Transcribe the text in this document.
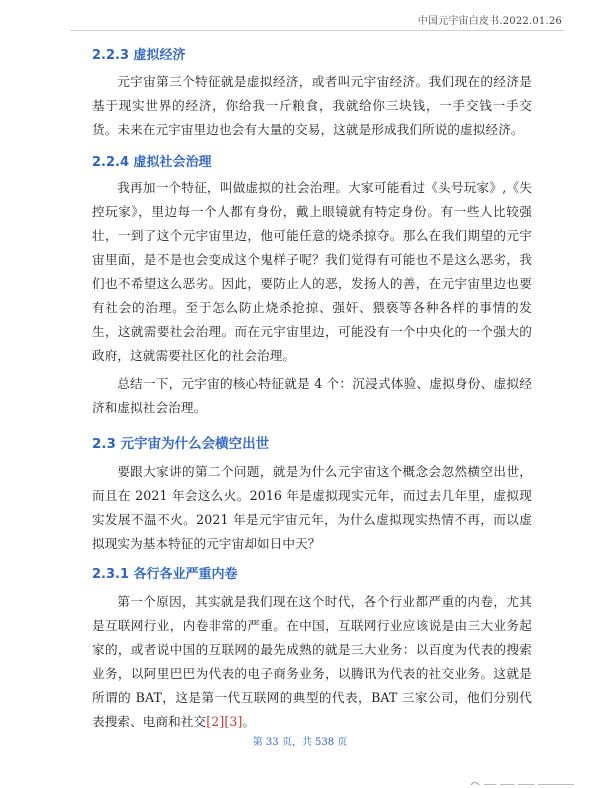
中国元宇宙白皮书.2022.01.26
2.2.3 虚拟经济

元宇宙第三个特征就是虚拟经济，或者叫元宇宙经济。我们现在的经济是基于现实世界的经济，你给我一斤粮食，我就给你三块钱，一手交钱一手交货。未来在元宇宙里边也会有大量的交易，这就是形成我们所说的虚拟经济。

2.2.4 虚拟社会治理

我再加一个特征，叫做虚拟的社会治理。大家可能看过《头号玩家》,《失控玩家》，里边每一个人都有身份，戴上眼镜就有特定身份。有一些人比较强壮，一到了这个元宇宙里边，他可能任意的烧杀掠夺。那么在我们期望的元宇宙里面，是不是也会变成这个鬼样子呢？我们觉得有可能也不是这么恶劣，我们也不希望这么恶劣。因此，要防止人的恶，发扬人的善，在元宇宙里边也要有社会的治理。至于怎么防止烧杀抢掠、强奸、猥亵等各种各样的事情的发生，这就需要社会治理。而在元宇宙里边，可能没有一个中央化的一个强大的政府，这就需要社区化的社会治理。

总结一下，元宇宙的核心特征就是 4 个：沉浸式体验、虚拟身份、虚拟经济和虚拟社会治理。

2.3 元宇宙为什么会横空出世

要跟大家讲的第二个问题，就是为什么元宇宙这个概念会忽然横空出世，而且在 2021 年会这么火。2016 年是虚拟现实元年，而过去几年里，虚拟现实发展不温不火。2021 年是元宇宙元年，为什么虚拟现实热情不再，而以虚拟现实为基本特征的元宇宙却如日中天？

2.3.1 各行各业严重内卷

第一个原因，其实就是我们现在这个时代，各个行业都严重的内卷，尤其是互联网行业，内卷非常的严重。在中国，互联网行业应该说是由三大业务起家的，或者说中国的互联网的最先成熟的就是三大业务：以百度为代表的搜索业务，以阿里巴巴为代表的电子商务业务，以腾讯为代表的社交业务。这就是所谓的 BAT，这是第一代互联网的典型的代表，BAT 三家公司，他们分别代表搜索、电商和社交[2][3]。

第 33 页，共 538 页
